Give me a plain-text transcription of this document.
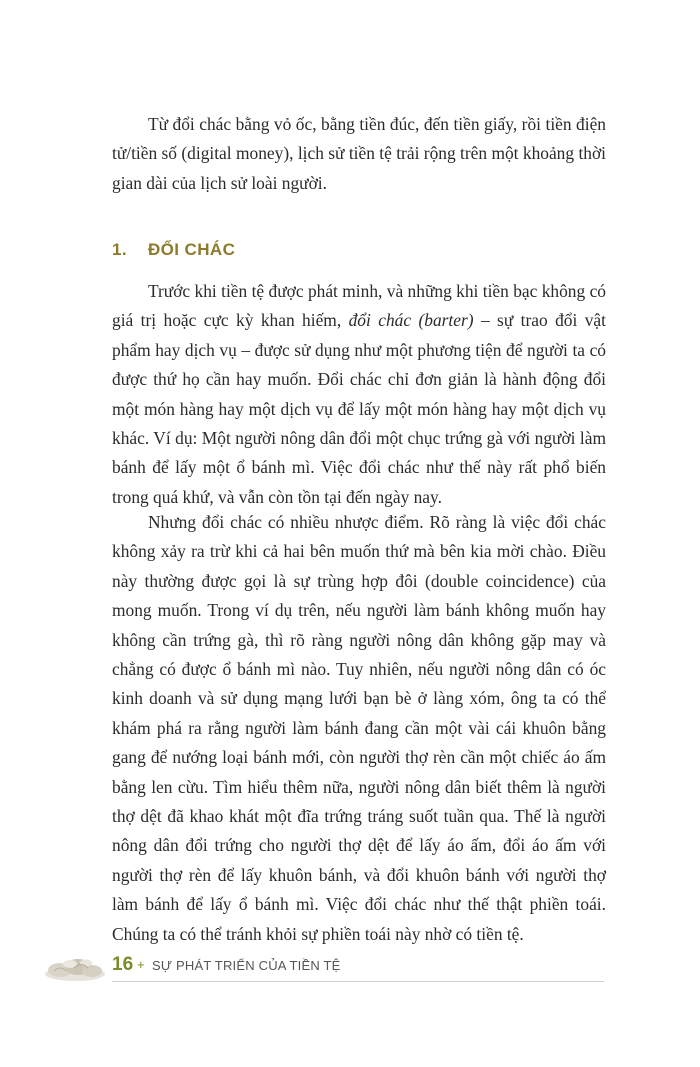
Từ đổi chác bằng vỏ ốc, bằng tiền đúc, đến tiền giấy, rồi tiền điện tử/tiền số (digital money), lịch sử tiền tệ trải rộng trên một khoảng thời gian dài của lịch sử loài người.

1. ĐỔI CHÁC

Trước khi tiền tệ được phát minh, và những khi tiền bạc không có giá trị hoặc cực kỳ khan hiếm, đổi chác (barter) – sự trao đổi vật phẩm hay dịch vụ – được sử dụng như một phương tiện để người ta có được thứ họ cần hay muốn. Đổi chác chỉ đơn giản là hành động đổi một món hàng hay một dịch vụ để lấy một món hàng hay một dịch vụ khác. Ví dụ: Một người nông dân đổi một chục trứng gà với người làm bánh để lấy một ổ bánh mì. Việc đổi chác như thế này rất phổ biến trong quá khứ, và vẫn còn tồn tại đến ngày nay.

Nhưng đổi chác có nhiều nhược điểm. Rõ ràng là việc đổi chác không xảy ra trừ khi cả hai bên muốn thứ mà bên kia mời chào. Điều này thường được gọi là sự trùng hợp đôi (double coincidence) của mong muốn. Trong ví dụ trên, nếu người làm bánh không muốn hay không cần trứng gà, thì rõ ràng người nông dân không gặp may và chẳng có được ổ bánh mì nào. Tuy nhiên, nếu người nông dân có óc kinh doanh và sử dụng mạng lưới bạn bè ở làng xóm, ông ta có thể khám phá ra rằng người làm bánh đang cần một vài cái khuôn bằng gang để nướng loại bánh mới, còn người thợ rèn cần một chiếc áo ấm bằng len cừu. Tìm hiểu thêm nữa, người nông dân biết thêm là người thợ dệt đã khao khát một đĩa trứng tráng suốt tuần qua. Thế là người nông dân đổi trứng cho người thợ dệt để lấy áo ấm, đổi áo ấm với người thợ rèn để lấy khuôn bánh, và đổi khuôn bánh với người thợ làm bánh để lấy ổ bánh mì. Việc đổi chác như thế thật phiền toái. Chúng ta có thể tránh khỏi sự phiền toái này nhờ có tiền tệ.

16 + SỰ PHÁT TRIỂN CỦA TIỀN TỆ
